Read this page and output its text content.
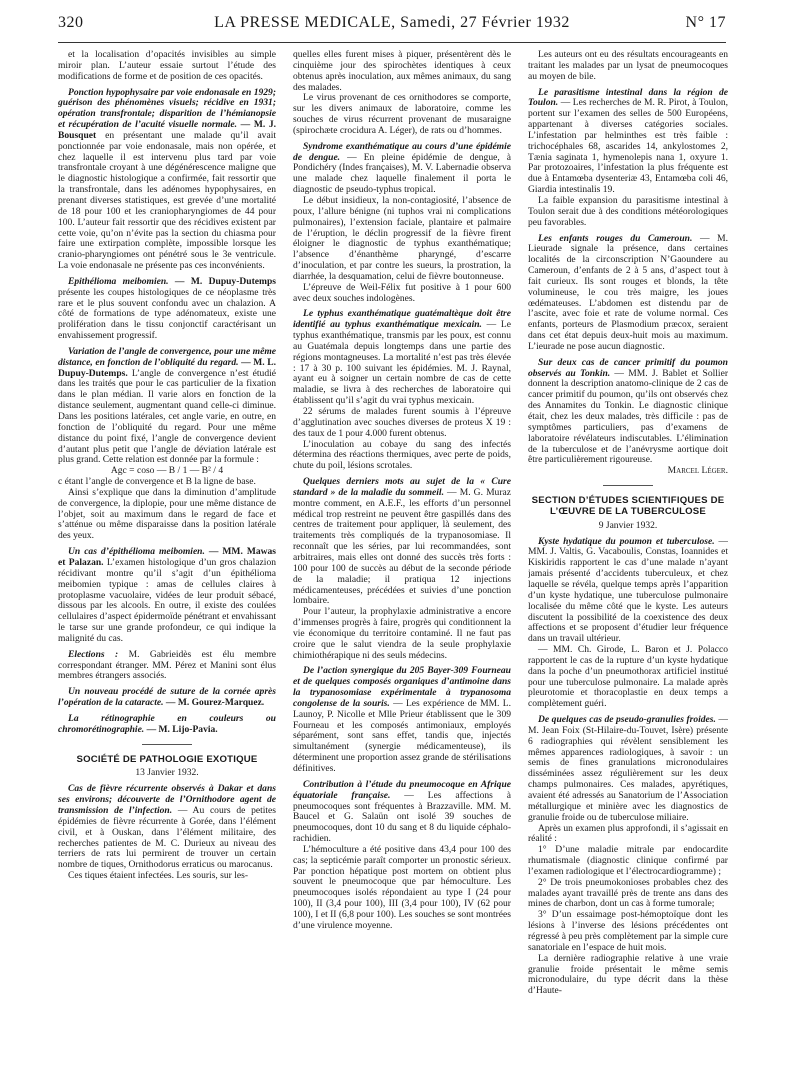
320	LA PRESSE MEDICALE, Samedi, 27 Février 1932	N° 17

et la localisation d’opacités invisibles au simple miroir plan. L’auteur essaie surtout l’étude des modifications de forme et de position de ces opacités.

Ponction hypophysaire par voie endonasale en 1929; guérison des phénomènes visuels; récidive en 1931; opération transfrontale; disparition de l’hémianopsie et récupération de l’acuité visuelle normale. — M. J. Bousquet en présentant une malade qu’il avait ponctionnée par voie endonasale, mais non opérée, et chez laquelle il est intervenu plus tard par voie transfrontale croyant à une dégénérescence maligne que le diagnostic histologique a confirmée, fait ressortir que la transfrontale, dans les adénomes hypophysaires, en prenant diverses statistiques, est grevée d’une mortalité de 18 pour 100 et les craniopharyngiomes de 44 pour 100. L’auteur fait ressortir que des récidives existent par cette voie, qu’on n’évite pas la section du chiasma pour faire une extirpation complète, impossible lorsque les cranio-pharyngiomes ont pénétré sous le 3e ventricule. La voie endonasale ne présente pas ces inconvénients.

Epithélioma meibomien. — M. Dupuy-Dutemps présente les coupes histologiques de ce néoplasme très rare et le plus souvent confondu avec un chalazion. A côté de formations de type adénomateux, existe une prolifération dans le tissu conjonctif caractérisant un envahissement progressif.

Variation de l’angle de convergence, pour une même distance, en fonction de l’obliquité du regard. — M. L. Dupuy-Dutemps. L’angle de convergence n’est étudié dans les traités que pour le cas particulier de la fixation dans le plan médian. Il varie alors en fonction de la distance seulement, augmentant quand celle-ci diminue. Dans les positions latérales, cet angle varie, en outre, en fonction de l’obliquité du regard. Pour une même distance du point fixé, l’angle de convergence devient d’autant plus petit que l’angle de déviation latérale est plus grand. Cette relation est donnée par la formule :

Agc = coso — B / 1 — B² / 4

c étant l’angle de convergence et B la ligne de base.

Ainsi s’explique que dans la diminution d’amplitude de convergence, la diplopie, pour une même distance de l’objet, soit au maximum dans le regard de face et s’atténue ou même disparaisse dans la position latérale des yeux.

Un cas d’épithélioma meibomien. — MM. Mawas et Palazan. L’examen histologique d’un gros chalazion récidivant montre qu’il s’agit d’un épithélioma meibomien typique : amas de cellules claires à protoplasme vacuolaire, vidées de leur produit sébacé, dissous par les alcools. En outre, il existe des coulées cellulaires d’aspect épidermoïde pénétrant et envahissant le tarse sur une grande profondeur, ce qui indique la malignité du cas.

Elections : M. Gabrieidès est élu membre correspondant étranger. MM. Pérez et Manini sont élus membres étrangers associés.

Un nouveau procédé de suture de la cornée après l’opération de la cataracte. — M. Gourez-Marquez.

La rétinographie en couleurs ou chromorétinographie. — M. Lijo-Pavia.

SOCIÉTÉ DE PATHOLOGIE EXOTIQUE

13 Janvier 1932.

Cas de fièvre récurrente observés à Dakar et dans ses environs; découverte de l’Ornithodore agent de transmission de l’infection. — Au cours de petites épidémies de fièvre récurrente à Gorée, dans l’élément civil, et à Ouskan, dans l’élément militaire, des recherches patientes de M. C. Durieux au niveau des terriers de rats lui permirent de trouver un certain nombre de tiques, Ornithodorus erraticus ou marocanus.

Ces tiques étaient infectées. Les souris, sur les-

quelles elles furent mises à piquer, présentèrent dès le cinquième jour des spirochètes identiques à ceux obtenus après inoculation, aux mêmes animaux, du sang des malades.

Le virus provenant de ces ornithodores se comporte, sur les divers animaux de laboratoire, comme les souches de virus récurrent provenant de musaraigne (spirochæte crocidura A. Léger), de rats ou d’hommes.

Syndrome exanthématique au cours d’une épidémie de dengue. — En pleine épidémie de dengue, à Pondichéry (Indes françaises), M. V. Labernadie observa une malade chez laquelle finalement il porta le diagnostic de pseudo-typhus tropical.

Le début insidieux, la non-contagiosité, l’absence de poux, l’allure bénigne (ni tuphos vrai ni complications pulmonaires), l’extension faciale, plantaire et palmaire de l’éruption, le déclin progressif de la fièvre firent éloigner le diagnostic de typhus exanthématique; l’absence d’énanthème pharyngé, d’escarre d’inoculation, et par contre les sueurs, la prostration, la diarrhée, la desquamation, celui de fièvre boutonneuse.

L’épreuve de Weil-Félix fut positive à 1 pour 600 avec deux souches indologènes.

Le typhus exanthématique guatémaltèque doit être identifié au typhus exanthématique mexicain. — Le typhus exanthématique, transmis par les poux, est connu au Guatémala depuis longtemps dans une partie des régions montagneuses. La mortalité n’est pas très élevée : 17 à 30 p. 100 suivant les épidémies. M. J. Raynal, ayant eu à soigner un certain nombre de cas de cette maladie, se livra à des recherches de laboratoire qui établissent qu’il s’agit du vrai typhus mexicain.

22 sérums de malades furent soumis à l’épreuve d’agglutination avec souches diverses de proteus X 19 : des taux de 1 pour 4.000 furent obtenus.

L’inoculation au cobaye du sang des infectés détermina des réactions thermiques, avec perte de poids, chute du poil, lésions scrotales.

Quelques derniers mots au sujet de la « Cure standard » de la maladie du sommeil. — M. G. Muraz montre comment, en A.E.F., les efforts d’un personnel médical trop restreint ne peuvent être gaspillés dans des centres de traitement pour appliquer, là seulement, des traitements très compliqués de la trypanosomiase. Il reconnaît que les séries, par lui recommandées, sont arbitraires, mais elles ont donné des succès très forts : 100 pour 100 de succès au début de la seconde période de la maladie; il pratiqua 12 injections médicamenteuses, précédées et suivies d’une ponction lombaire.

Pour l’auteur, la prophylaxie administrative a encore d’immenses progrès à faire, progrès qui conditionnent la vie économique du territoire contaminé. Il ne faut pas croire que le salut viendra de la seule prophylaxie chimiothérapique ni des seuls médecins.

De l’action synergique du 205 Bayer-309 Fourneau et de quelques composés organiques d’antimoine dans la trypanosomiase expérimentale à trypanosoma congolense de la souris. — Les expérience de MM. L. Launoy, P. Nicolle et Mlle Prieur établissent que le 309 Fourneau et les composés antimoniaux, employés séparément, sont sans effet, tandis que, injectés simultanément (synergie médicamenteuse), ils déterminent une proportion assez grande de stérilisations définitives.

Contribution à l’étude du pneumocoque en Afrique équatoriale française. — Les affections à pneumocoques sont fréquentes à Brazzaville. MM. M. Baucel et G. Salaün ont isolé 39 souches de pneumocoques, dont 10 du sang et 8 du liquide céphalo-rachidien.

L’hémoculture a été positive dans 43,4 pour 100 des cas; la septicémie paraît comporter un pronostic sérieux. Par ponction hépatique post mortem on obtient plus souvent le pneumocoque que par hémoculture. Les pneumocoques isolés répondaient au type I (24 pour 100), II (3,4 pour 100), III (3,4 pour 100), IV (62 pour 100), I et II (6,8 pour 100). Les souches se sont montrées d’une virulence moyenne.

Les auteurs ont eu des résultats encourageants en traitant les malades par un lysat de pneumocoques au moyen de bile.

Le parasitisme intestinal dans la région de Toulon. — Les recherches de M. R. Pirot, à Toulon, portent sur l’examen des selles de 500 Européens, appartenant à diverses catégories sociales. L’infestation par helminthes est très faible : trichocéphales 68, ascarides 14, ankylostomes 2, Tænia saginata 1, hymenolepis nana 1, oxyure 1. Par protozoaires, l’infestation la plus fréquente est due à Entamœba dysenteriæ 43, Entamœba coli 46, Giardia intestinalis 19.

La faible expansion du parasitisme intestinal à Toulon serait due à des conditions météorologiques peu favorables.

Les enfants rouges du Cameroun. — M. Lieurade signale la présence, dans certaines localités de la circonscription N’Gaoundere au Cameroun, d’enfants de 2 à 5 ans, d’aspect tout à fait curieux. Ils sont rouges et blonds, la tête volumineuse, le cou très maigre, les joues œdémateuses. L’abdomen est distendu par de l’ascite, avec foie et rate de volume normal. Ces enfants, porteurs de Plasmodium præcox, seraient dans cet état depuis deux-huit mois au maximum. L’ieurade ne pose aucun diagnostic.

Sur deux cas de cancer primitif du poumon observés au Tonkin. — MM. J. Bablet et Sollier donnent la description anatomo-clinique de 2 cas de cancer primitif du poumon, qu’ils ont observés chez des Annamites du Tonkin. Le diagnostic clinique était, chez les deux malades, très difficile : pas de symptômes particuliers, pas d’examens de laboratoire révélateurs indiscutables. L’élimination de la tuberculose et de l’anévrysme aortique doit être particulièrement rigoureuse.

Marcel Léger.

SECTION D’ÉTUDES SCIENTIFIQUES DE L’ŒUVRE DE LA TUBERCULOSE

9 Janvier 1932.

Kyste hydatique du poumon et tuberculose. — MM. J. Valtis, G. Vacaboulis, Constas, Ioannides et Kiskiridis rapportent le cas d’une malade n’ayant jamais présenté d’accidents tuberculeux, et chez laquelle se révéla, quelque temps après l’apparition d’un kyste hydatique, une tuberculose pulmonaire localisée du même côté que le kyste. Les auteurs discutent la possibilité de la coexistence des deux affections et se proposent d’étudier leur fréquence dans un travail ultérieur.

— MM. Ch. Girode, L. Baron et J. Polacco rapportent le cas de la rupture d’un kyste hydatique dans la poche d’un pneumothorax artificiel institué pour une tuberculose pulmonaire. La malade après pleurotomie et thoracoplastie en deux temps a complètement guéri.

De quelques cas de pseudo-granulies froides. — M. Jean Foix (St-Hilaire-du-Touvet, Isère) présente 6 radiographies qui révèlent sensiblement les mêmes apparences radiologiques, à savoir : un semis de fines granulations micronodulaires disséminées assez régulièrement sur les deux champs pulmonaires. Ces malades, apyrétiques, avaient été adressés au Sanatorium de l’Association métallurgique et minière avec les diagnostics de granulie froide ou de tuberculose miliaire.

Après un examen plus approfondi, il s’agissait en réalité :

1° D’une maladie mitrale par endocardite rhumatismale (diagnostic clinique confirmé par l’examen radiologique et l’électrocardiogramme) ;

2° De trois pneumokonioses probables chez des malades ayant travaillé près de trente ans dans des mines de charbon, dont un cas à forme tumorale;

3° D’un essaimage post-hémoptoïque dont les lésions à l’inverse des lésions précédentes ont régressé à peu près complètement par la simple cure sanatoriale en l’espace de huit mois.

La dernière radiographie relative à une vraie granulie froide présentait le même semis micronodulaire, du type décrit dans la thèse d’Haute-
